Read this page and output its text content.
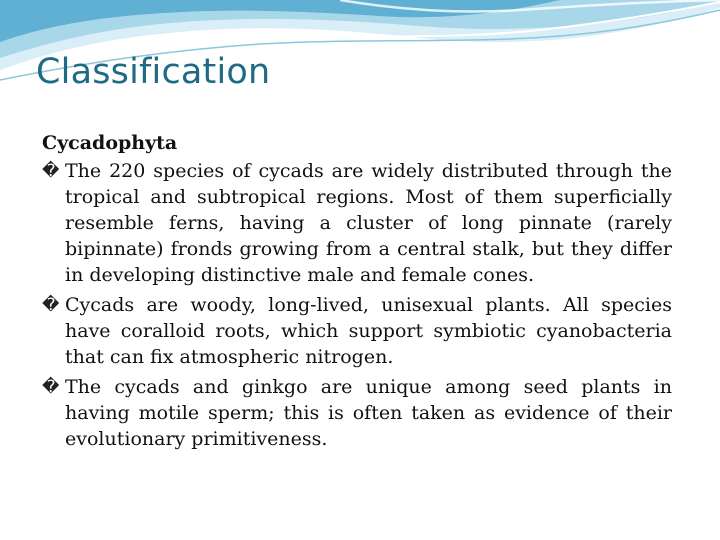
Classification

Cycadophyta

� The 220 species of cycads are widely distributed through the tropical and subtropical regions. Most of them superficially resemble ferns, having a cluster of long pinnate (rarely bipinnate) fronds growing from a central stalk, but they differ in developing distinctive male and female cones.

� Cycads are woody, long-lived, unisexual plants. All species have coralloid roots, which support symbiotic cyanobacteria that can fix atmospheric nitrogen.

� The cycads and ginkgo are unique among seed plants in having motile sperm; this is often taken as evidence of their evolutionary primitiveness.
